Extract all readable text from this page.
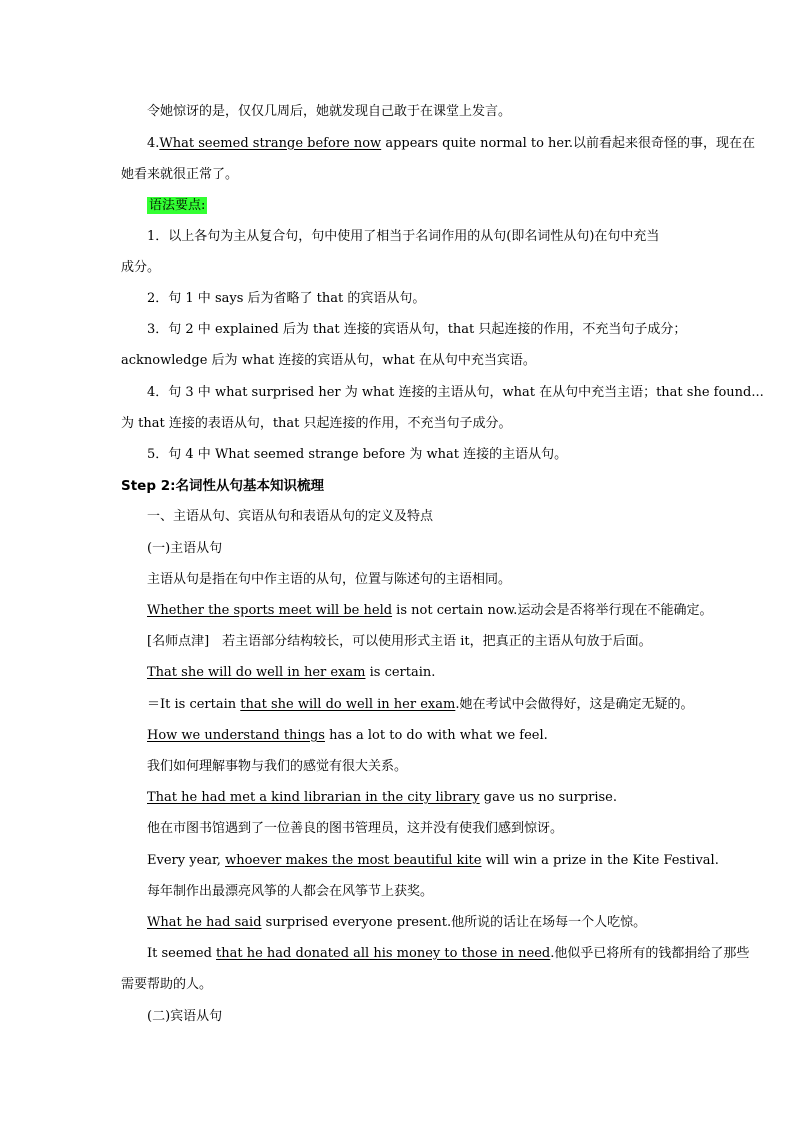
令她惊讶的是，仅仅几周后，她就发现自己敢于在课堂上发言。
4.What seemed strange before now appears quite normal to her.以前看起来很奇怪的事，现在在
她看来就很正常了。
语法要点:
1．以上各句为主从复合句，句中使用了相当于名词作用的从句(即名词性从句)在句中充当
成分。
2．句 1 中 says 后为省略了 that 的宾语从句。
3．句 2 中 explained 后为 that 连接的宾语从句，that 只起连接的作用，不充当句子成分；
acknowledge 后为 what 连接的宾语从句，what 在从句中充当宾语。
4．句 3 中 what surprised her 为 what 连接的主语从句，what 在从句中充当主语；that she found...
为 that 连接的表语从句，that 只起连接的作用，不充当句子成分。
5．句 4 中 What seemed strange before 为 what 连接的主语从句。
Step 2:名词性从句基本知识梳理
一、主语从句、宾语从句和表语从句的定义及特点
(一)主语从句
主语从句是指在句中作主语的从句，位置与陈述句的主语相同。
Whether the sports meet will be held is not certain now.运动会是否将举行现在不能确定。
[名师点津]　若主语部分结构较长，可以使用形式主语 it，把真正的主语从句放于后面。
That she will do well in her exam is certain.
＝It is certain that she will do well in her exam.她在考试中会做得好，这是确定无疑的。
How we understand things has a lot to do with what we feel.
我们如何理解事物与我们的感觉有很大关系。
That he had met a kind librarian in the city library gave us no surprise.
他在市图书馆遇到了一位善良的图书管理员，这并没有使我们感到惊讶。
Every year, whoever makes the most beautiful kite will win a prize in the Kite Festival.
每年制作出最漂亮风筝的人都会在风筝节上获奖。
What he had said surprised everyone present.他所说的话让在场每一个人吃惊。
It seemed that he had donated all his money to those in need.他似乎已将所有的钱都捐给了那些
需要帮助的人。
(二)宾语从句
